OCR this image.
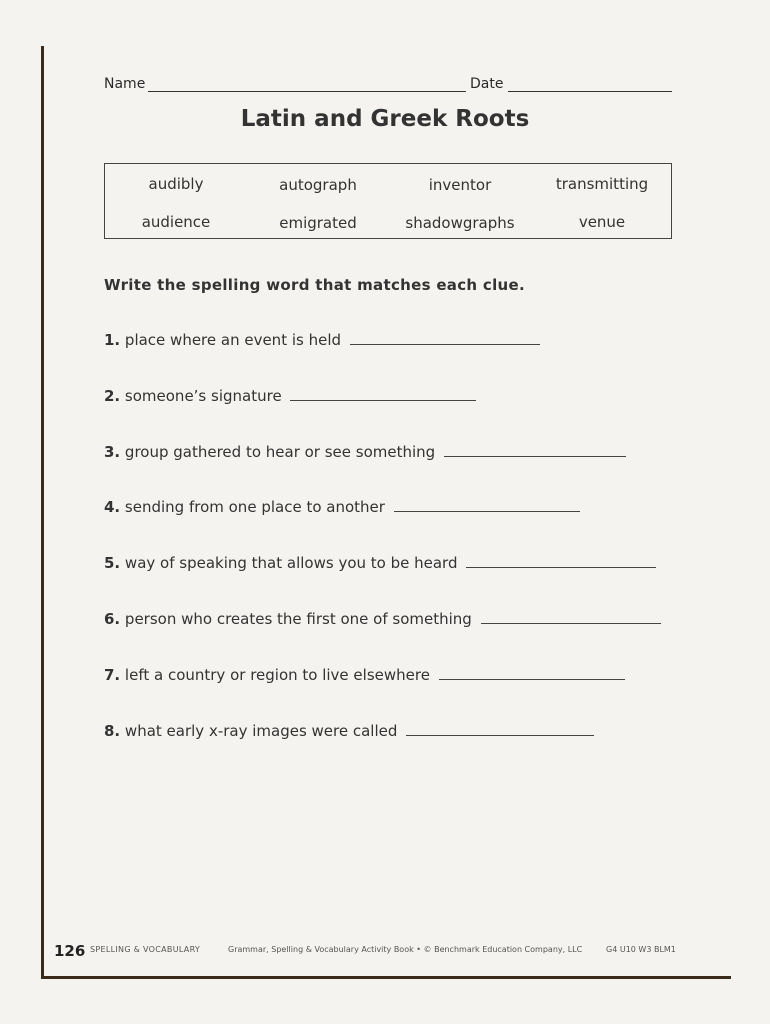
Name	Date
Latin and Greek Roots
audibly	autograph	inventor	transmitting
audience	emigrated	shadowgraphs	venue
Write the spelling word that matches each clue.
1. place where an event is held
2. someone’s signature
3. group gathered to hear or see something
4. sending from one place to another
5. way of speaking that allows you to be heard
6. person who creates the first one of something
7. left a country or region to live elsewhere
8. what early x-ray images were called
126 SPELLING & VOCABULARY	Grammar, Spelling & Vocabulary Activity Book • © Benchmark Education Company, LLC	G4 U10 W3 BLM1
